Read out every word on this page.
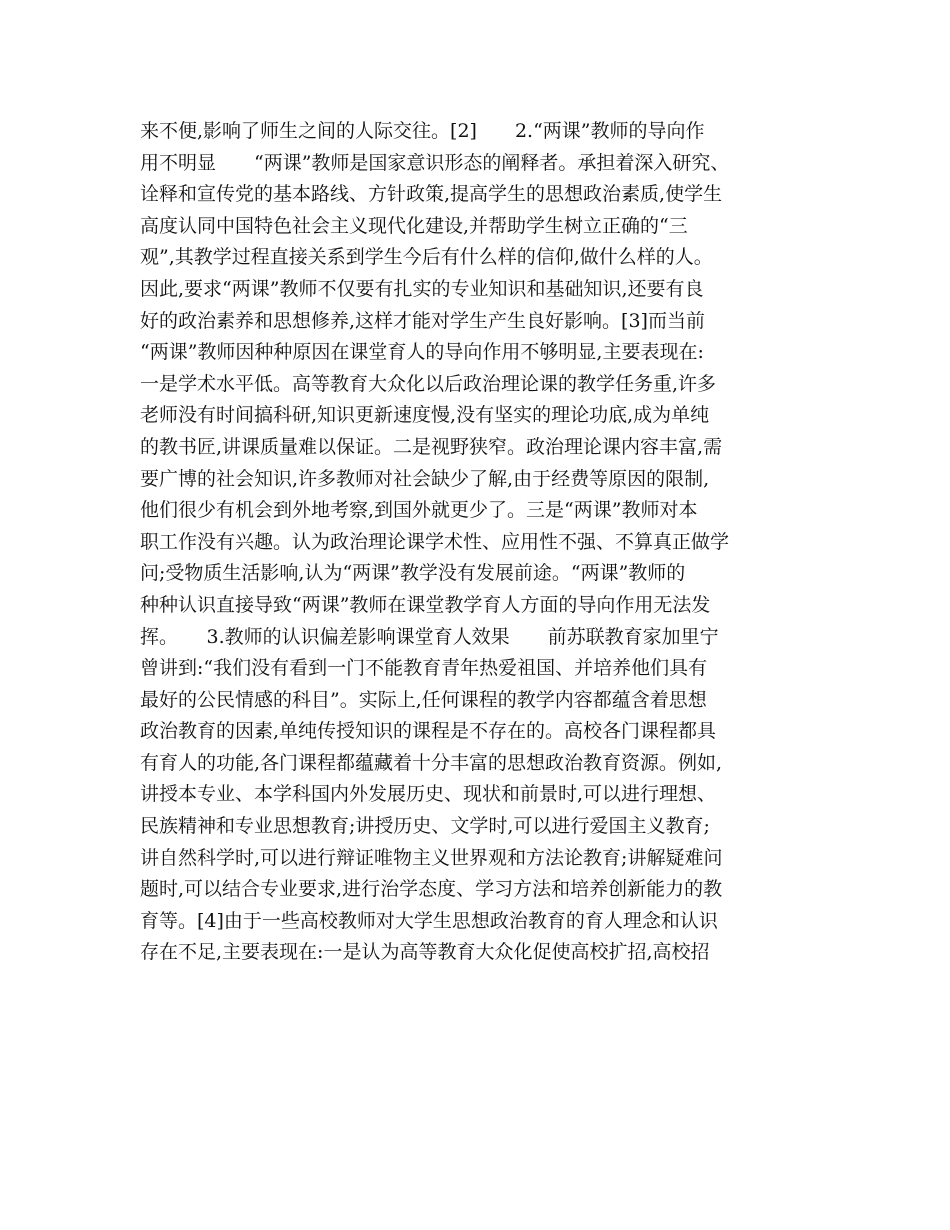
来不便,影响了师生之间的人际交往。[2]　　2.“两课”教师的导向作
用不明显　　“两课”教师是国家意识形态的阐释者。承担着深入研究、
诠释和宣传党的基本路线、方针政策,提高学生的思想政治素质,使学生
高度认同中国特色社会主义现代化建设,并帮助学生树立正确的“三
观”,其教学过程直接关系到学生今后有什么样的信仰,做什么样的人。
因此,要求“两课”教师不仅要有扎实的专业知识和基础知识,还要有良
好的政治素养和思想修养,这样才能对学生产生良好影响。[3]而当前
“两课”教师因种种原因在课堂育人的导向作用不够明显,主要表现在:
一是学术水平低。高等教育大众化以后政治理论课的教学任务重,许多
老师没有时间搞科研,知识更新速度慢,没有坚实的理论功底,成为单纯
的教书匠,讲课质量难以保证。二是视野狭窄。政治理论课内容丰富,需
要广博的社会知识,许多教师对社会缺少了解,由于经费等原因的限制,
他们很少有机会到外地考察,到国外就更少了。三是“两课”教师对本
职工作没有兴趣。认为政治理论课学术性、应用性不强、不算真正做学
问;受物质生活影响,认为“两课”教学没有发展前途。“两课”教师的
种种认识直接导致“两课”教师在课堂教学育人方面的导向作用无法发
挥。　　3.教师的认识偏差影响课堂育人效果　　前苏联教育家加里宁
曾讲到:“我们没有看到一门不能教育青年热爱祖国、并培养他们具有
最好的公民情感的科目”。实际上,任何课程的教学内容都蕴含着思想
政治教育的因素,单纯传授知识的课程是不存在的。高校各门课程都具
有育人的功能,各门课程都蕴藏着十分丰富的思想政治教育资源。例如,
讲授本专业、本学科国内外发展历史、现状和前景时,可以进行理想、
民族精神和专业思想教育;讲授历史、文学时,可以进行爱国主义教育;
讲自然科学时,可以进行辩证唯物主义世界观和方法论教育;讲解疑难问
题时,可以结合专业要求,进行治学态度、学习方法和培养创新能力的教
育等。[4]由于一些高校教师对大学生思想政治教育的育人理念和认识
存在不足,主要表现在:一是认为高等教育大众化促使高校扩招,高校招
